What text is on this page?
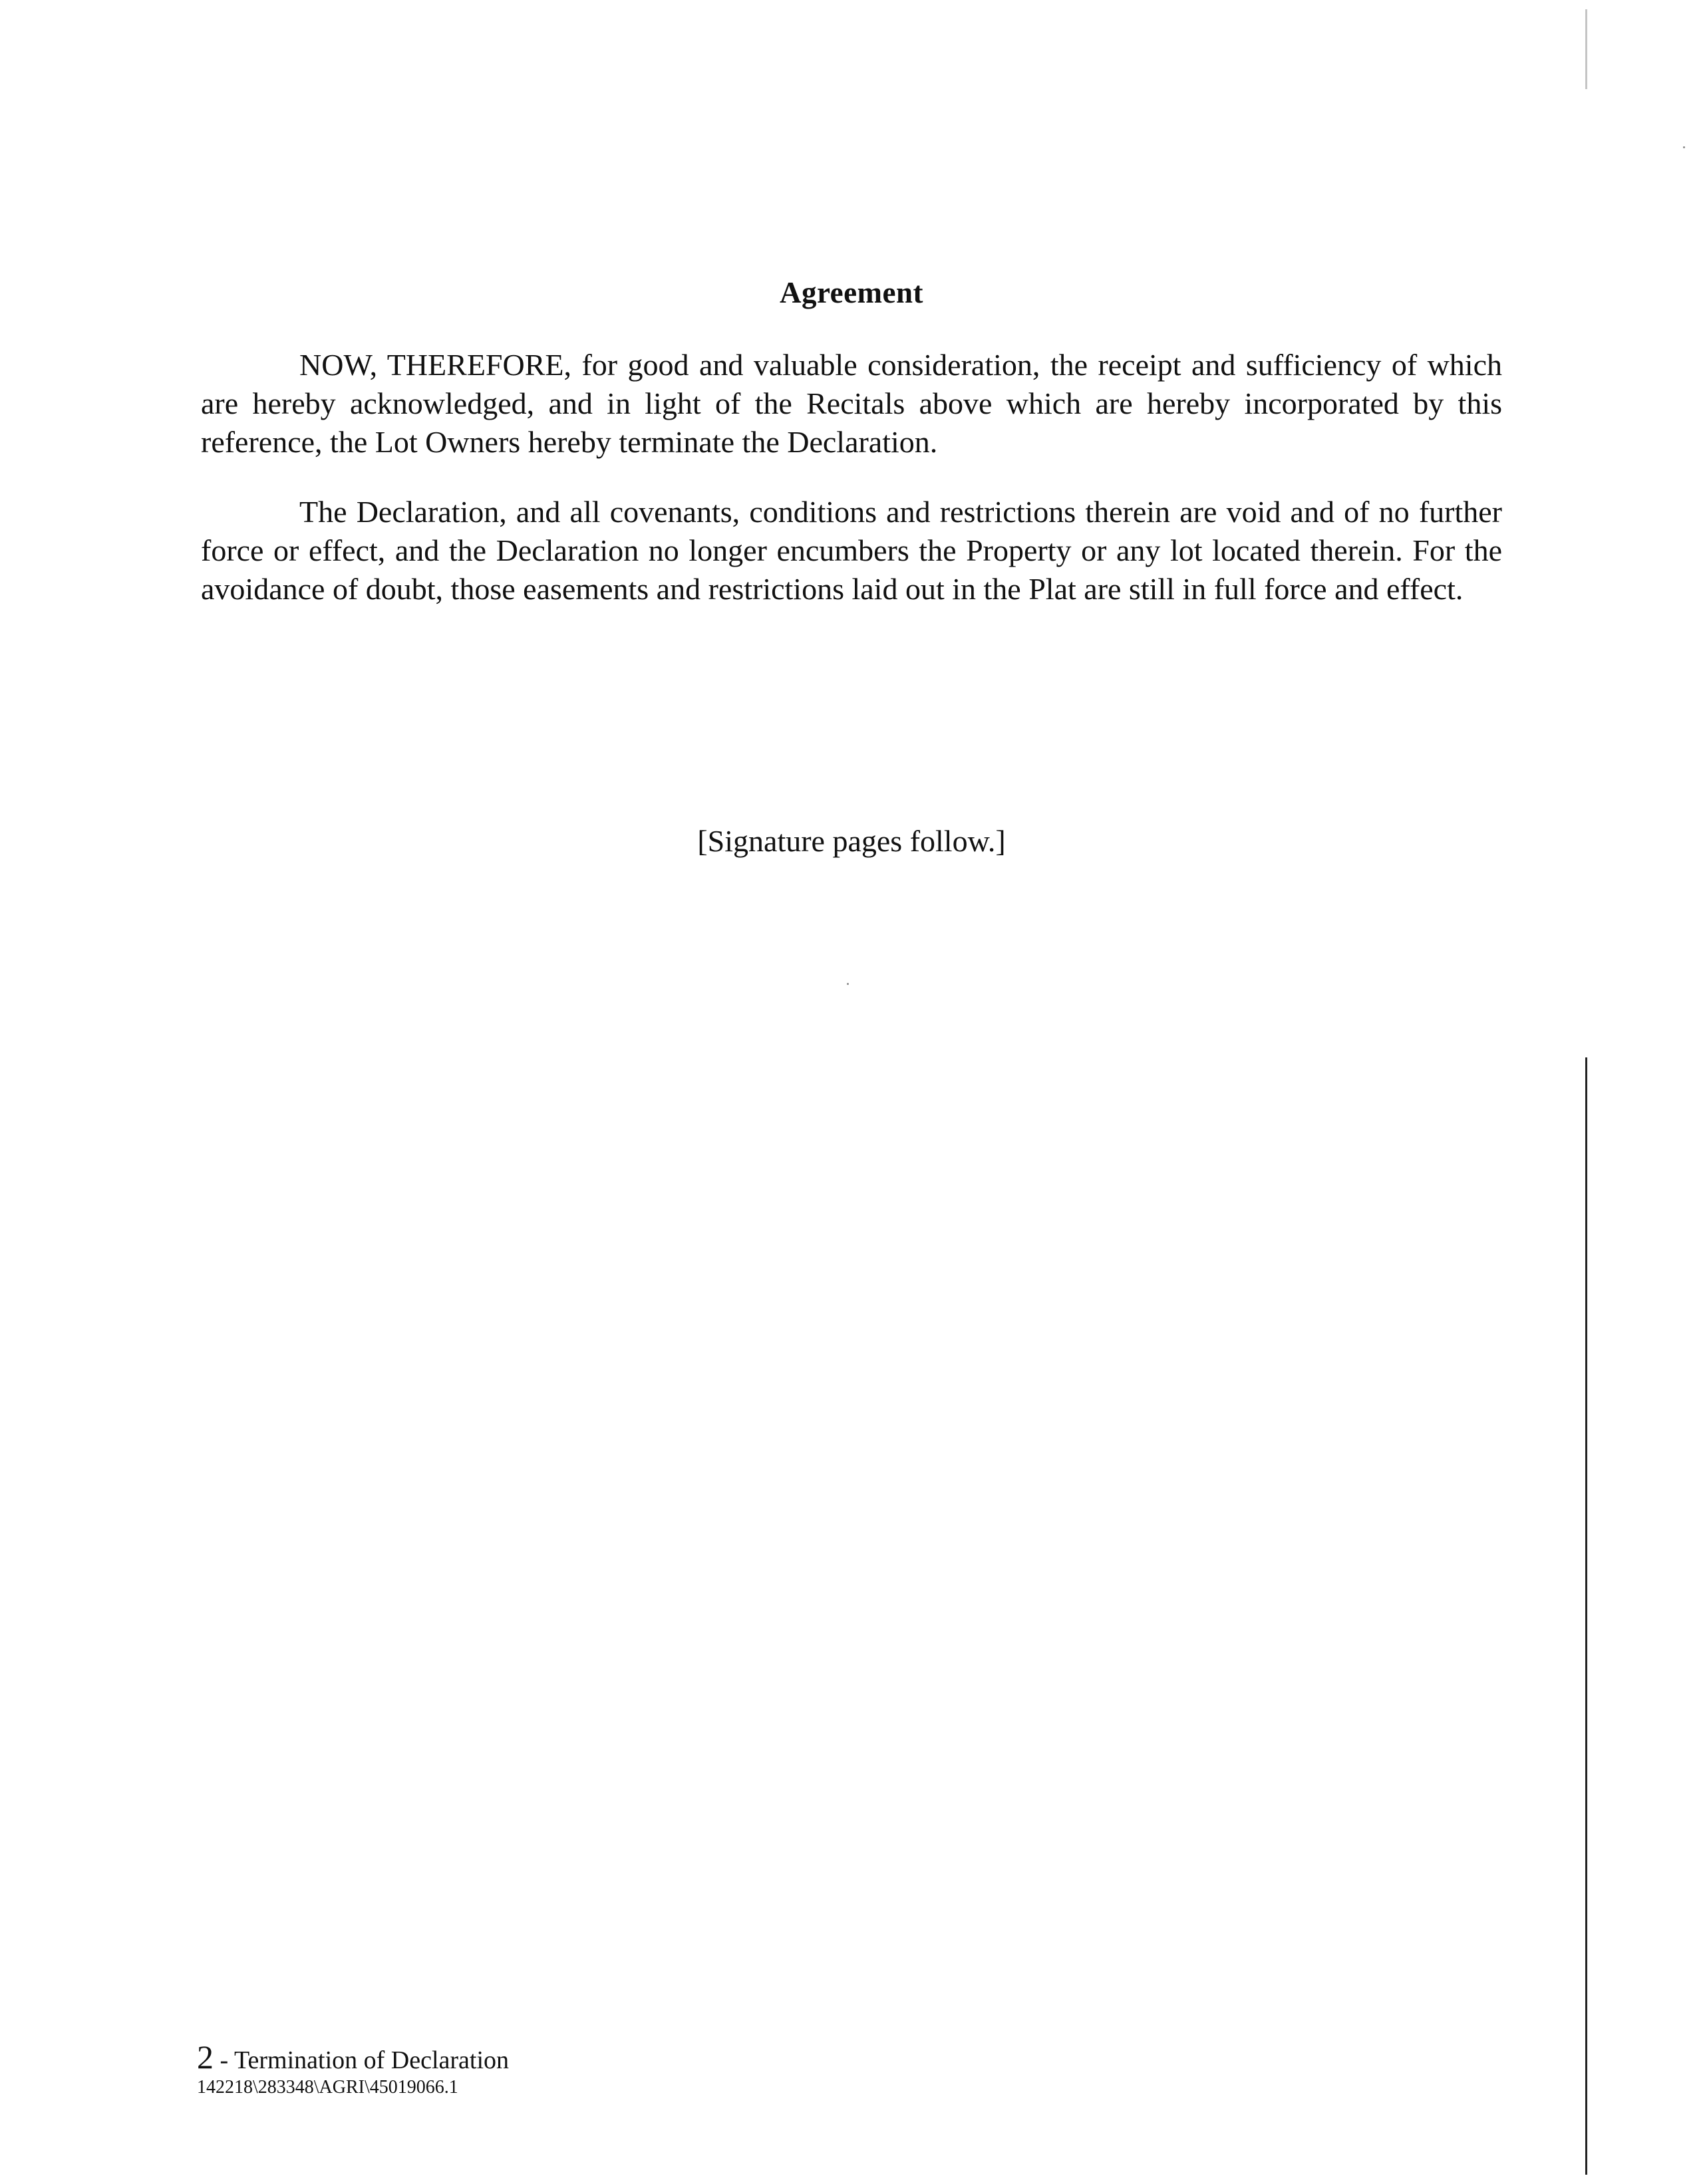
Agreement

NOW, THEREFORE, for good and valuable consideration, the receipt and sufficiency of which are hereby acknowledged, and in light of the Recitals above which are hereby incorporated by this reference, the Lot Owners hereby terminate the Declaration.

The Declaration, and all covenants, conditions and restrictions therein are void and of no further force or effect, and the Declaration no longer encumbers the Property or any lot located therein. For the avoidance of doubt, those easements and restrictions laid out in the Plat are still in full force and effect.

[Signature pages follow.]
2 - Termination of Declaration
142218\283348\AGRI\45019066.1
